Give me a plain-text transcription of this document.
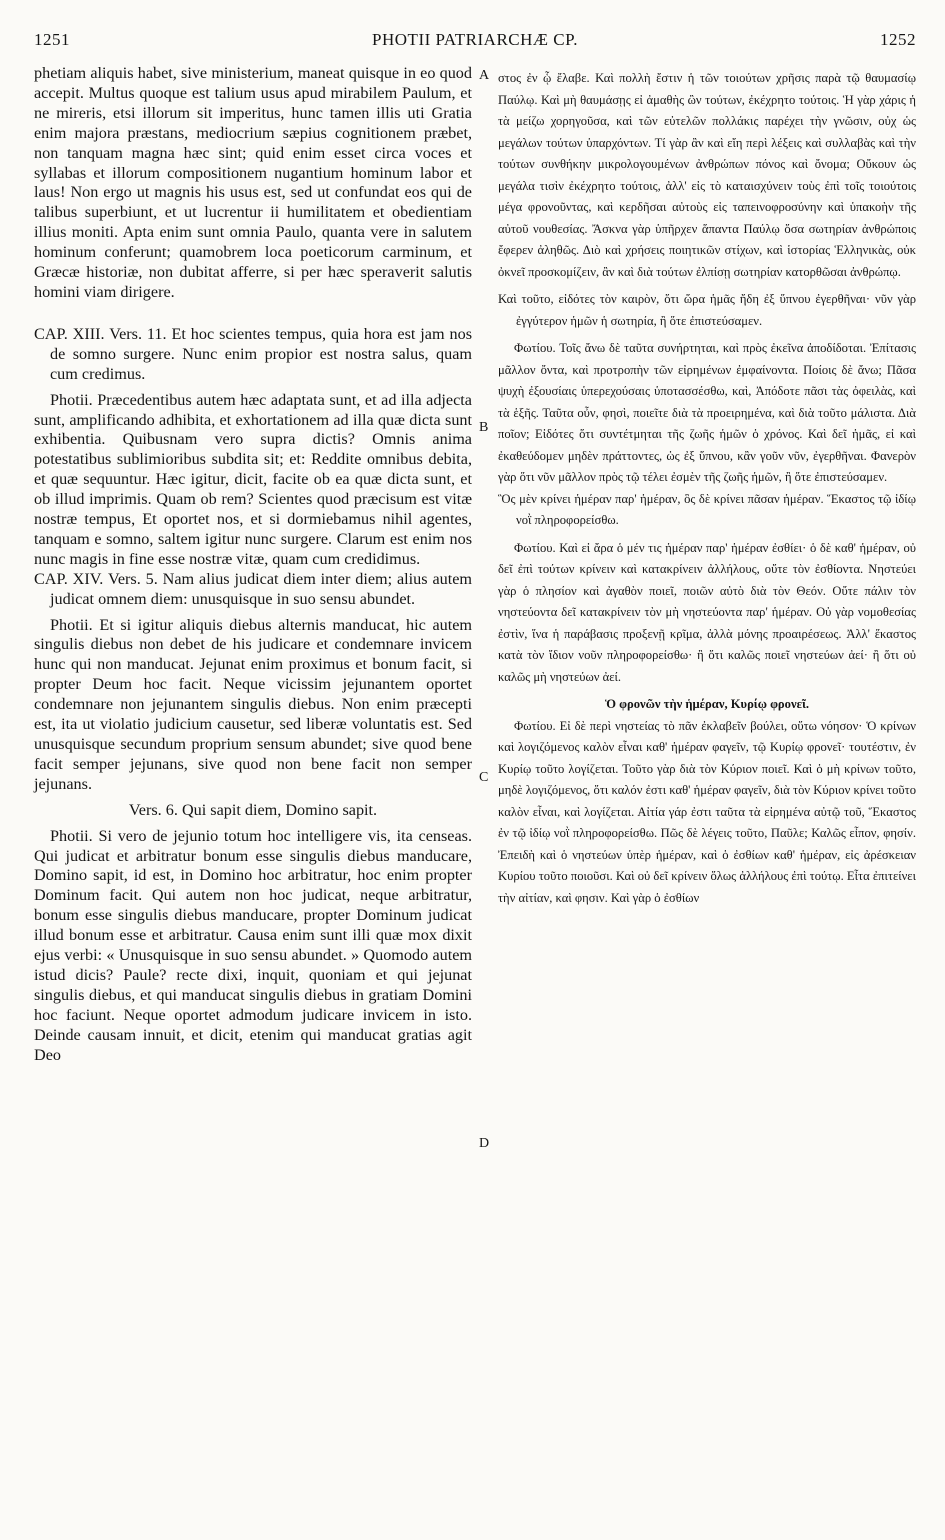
1251	PHOTII PATRIARCHÆ CP.	1252

phetiam aliquis habet, sive ministerium, maneat quisque in eo quod accepit. Multus quoque est talium usus apud mirabilem Paulum, et ne mireris, etsi illorum sit imperitus, hunc tamen illis uti Gratia enim majora præstans, mediocrium sæpius cognitionem præbet, non tanquam magna hæc sint; quid enim esset circa voces et syllabas et illorum compositionem nugantium hominum labor et laus! Non ergo ut magnis his usus est, sed ut confundat eos qui de talibus superbiunt, et ut lucrentur ii humilitatem et obedientiam illius moniti. Apta enim sunt omnia Paulo, quanta vere in salutem hominum conferunt; quamobrem loca poeticorum carminum, et Græcæ historiæ, non dubitat afferre, si per hæc speraverit salutis homini viam dirigere.

CAP. XIII. Vers. 11. Et hoc scientes tempus, quia hora est jam nos de somno surgere. Nunc enim propior est nostra salus, quam cum credimus.

Photii. Præcedentibus autem hæc adaptata sunt, et ad illa adjecta sunt, amplificando adhibita, et exhortationem ad illa quæ dicta sunt exhibentia. Quibusnam vero supra dictis? Omnis anima potestatibus sublimioribus subdita sit; et: Reddite omnibus debita, et quæ sequuntur. Hæc igitur, dicit, facite ob ea quæ dicta sunt, et ob illud imprimis. Quam ob rem? Scientes quod præcisum est vitæ nostræ tempus, Et oportet nos, et si dormiebamus nihil agentes, tanquam e somno, saltem igitur nunc surgere. Clarum est enim nos nunc magis in fine esse nostræ vitæ, quam cum credidimus.

CAP. XIV. Vers. 5. Nam alius judicat diem inter diem; alius autem judicat omnem diem: unusquisque in suo sensu abundet.

Photii. Et si igitur aliquis diebus alternis manducat, hic autem singulis diebus non debet de his judicare et condemnare invicem hunc qui non manducat. Jejunat enim proximus et bonum facit, si propter Deum hoc facit. Neque vicissim jejunantem oportet condemnare non jejunantem singulis diebus. Non enim præcepti est, ita ut violatio judicium causetur, sed liberæ voluntatis est. Sed unusquisque secundum proprium sensum abundet; sive quod bene facit semper jejunans, sive quod non bene facit non semper jejunans.

Vers. 6. Qui sapit diem, Domino sapit.

Photii. Si vero de jejunio totum hoc intelligere vis, ita censeas. Qui judicat et arbitratur bonum esse singulis diebus manducare, Domino sapit, id est, in Domino hoc arbitratur, hoc enim propter Dominum facit. Qui autem non hoc judicat, neque arbitratur, bonum esse singulis diebus manducare, propter Dominum judicat illud bonum esse et arbitratur. Causa enim sunt illi quæ mox dixit ejus verbi: « Unusquisque in suo sensu abundet. » Quomodo autem istud dicis? Paule? recte dixi, inquit, quoniam et qui jejunat singulis diebus, et qui manducat singulis diebus in gratiam Domini hoc faciunt. Neque oportet admodum judicare invicem in isto. Deinde causam innuit, et dicit, etenim qui manducat gratias agit Deo

A
B
C
D

στος ἐν ᾧ ἔλαβε. Καὶ πολλὴ ἔστιν ἡ τῶν τοιούτων χρῆσις παρὰ τῷ θαυμασίῳ Παύλῳ. Καὶ μὴ θαυμάσῃς εἰ ἀμαθὴς ὢν τούτων, ἐκέχρητο τούτοις. Ἡ γὰρ χάρις ἡ τὰ μείζω χορηγοῦσα, καὶ τῶν εὐτελῶν πολλάκις παρέχει τὴν γνῶσιν, οὐχ ὡς μεγάλων τούτων ὑπαρχόντων. Τί γὰρ ἂν καὶ εἴη περὶ λέξεις καὶ συλλαβὰς καὶ τὴν τούτων συνθήκην μικρολογουμένων ἀνθρώπων πόνος καὶ ὄνομα; Οὔκουν ὡς μεγάλα τισὶν ἐκέχρητο τούτοις, ἀλλ' εἰς τὸ καταισχύνειν τοὺς ἐπὶ τοῖς τοιούτοις μέγα φρονοῦντας, καὶ κερδῆσαι αὐτοὺς εἰς ταπεινοφροσύνην καὶ ὑπακοὴν τῆς αὐτοῦ νουθεσίας. Ἄσκνα γὰρ ὑπῆρχεν ἅπαντα Παύλῳ ὅσα σωτηρίαν ἀνθρώποις ἔφερεν ἀληθῶς. Διὸ καὶ χρήσεις ποιητικῶν στίχων, καὶ ἱστορίας Ἑλληνικὰς, οὐκ ὀκνεῖ προσκομίζειν, ἂν καὶ διὰ τούτων ἐλπίσῃ σωτηρίαν κατορθῶσαι ἀνθρώπῳ.

Καὶ τοῦτο, εἰδότες τὸν καιρὸν, ὅτι ὥρα ἡμᾶς ἤδη ἐξ ὕπνου ἐγερθῆναι· νῦν γὰρ ἐγγύτερον ἡμῶν ἡ σωτηρία, ἢ ὅτε ἐπιστεύσαμεν.

Φωτίου. Τοῖς ἄνω δὲ ταῦτα συνήρτηται, καὶ πρὸς ἐκεῖνα ἀποδίδοται. Ἐπίτασις μᾶλλον ὄντα, καὶ προτροπὴν τῶν εἰρημένων ἐμφαίνοντα. Ποίοις δὲ ἄνω; Πᾶσα ψυχὴ ἐξουσίαις ὑπερεχούσαις ὑποτασσέσθω, καὶ, Ἀπόδοτε πᾶσι τὰς ὀφειλὰς, καὶ τὰ ἑξῆς. Ταῦτα οὖν, φησὶ, ποιεῖτε διὰ τὰ προειρημένα, καὶ διὰ τοῦτο μάλιστα. Διὰ ποῖον; Εἰδότες ὅτι συντέτμηται τῆς ζωῆς ἡμῶν ὁ χρόνος. Καὶ δεῖ ἡμᾶς, εἰ καὶ ἐκαθεύδομεν μηδὲν πράττοντες, ὡς ἐξ ὕπνου, κἂν γοῦν νῦν, ἐγερθῆναι. Φανερὸν γὰρ ὅτι νῦν μᾶλλον πρὸς τῷ τέλει ἐσμὲν τῆς ζωῆς ἡμῶν, ἢ ὅτε ἐπιστεύσαμεν.

Ὃς μὲν κρίνει ἡμέραν παρ' ἡμέραν, ὃς δὲ κρίνει πᾶσαν ἡμέραν. Ἕκαστος τῷ ἰδίῳ νοῒ πληροφορείσθω.

Φωτίου. Καὶ εἰ ἄρα ὁ μέν τις ἡμέραν παρ' ἡμέραν ἐσθίει· ὁ δὲ καθ' ἡμέραν, οὐ δεῖ ἐπὶ τούτων κρίνειν καὶ κατακρίνειν ἀλλήλους, οὔτε τὸν ἐσθίοντα. Νηστεύει γὰρ ὁ πλησίον καὶ ἀγαθὸν ποιεῖ, ποιῶν αὐτὸ διὰ τὸν Θεόν. Οὔτε πάλιν τὸν νηστεύοντα δεῖ κατακρίνειν τὸν μὴ νηστεύοντα παρ' ἡμέραν. Οὐ γὰρ νομοθεσίας ἐστὶν, ἵνα ἡ παράβασις προξενῇ κρῖμα, ἀλλὰ μόνης προαιρέσεως. Ἀλλ' ἕκαστος κατὰ τὸν ἴδιον νοῦν πληροφορείσθω· ἢ ὅτι καλῶς ποιεῖ νηστεύων ἀεί· ἢ ὅτι οὐ καλῶς μὴ νηστεύων ἀεί.

Ὁ φρονῶν τὴν ἡμέραν, Κυρίῳ φρονεῖ.

Φωτίου. Εἰ δὲ περὶ νηστείας τὸ πᾶν ἐκλαβεῖν βούλει, οὕτω νόησον· Ὁ κρίνων καὶ λογιζόμενος καλὸν εἶναι καθ' ἡμέραν φαγεῖν, τῷ Κυρίῳ φρονεῖ· τουτέστιν, ἐν Κυρίῳ τοῦτο λογίζεται. Τοῦτο γὰρ διὰ τὸν Κύριον ποιεῖ. Καὶ ὁ μὴ κρίνων τοῦτο, μηδὲ λογιζόμενος, ὅτι καλόν ἐστι καθ' ἡμέραν φαγεῖν, διὰ τὸν Κύριον κρίνει τοῦτο καλὸν εἶναι, καὶ λογίζεται. Αἰτία γάρ ἐστι ταῦτα τὰ εἰρημένα αὐτῷ τοῦ, Ἕκαστος ἐν τῷ ἰδίῳ νοῒ πληροφορείσθω. Πῶς δὲ λέγεις τοῦτο, Παῦλε; Καλῶς εἶπον, φησίν. Ἐπειδὴ καὶ ὁ νηστεύων ὑπὲρ ἡμέραν, καὶ ὁ ἐσθίων καθ' ἡμέραν, εἰς ἀρέσκειαν Κυρίου τοῦτο ποιοῦσι. Καὶ οὐ δεῖ κρίνειν ὅλως ἀλλήλους ἐπὶ τούτῳ. Εἶτα ἐπιτείνει τὴν αἰτίαν, καὶ φησιν. Καὶ γὰρ ὁ ἐσθίων
